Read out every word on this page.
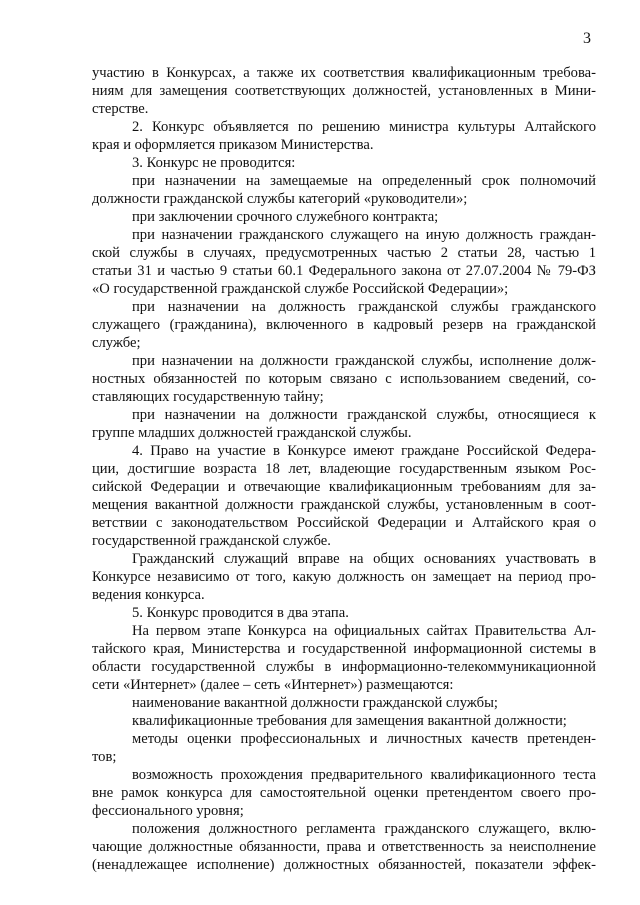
3
участию в Конкурсах, а также их соответствия квалификационным требова-
ниям для замещения соответствующих должностей, установленных в Мини-
стерстве.
2. Конкурс объявляется по решению министра культуры Алтайского
края и оформляется приказом Министерства.
3. Конкурс не проводится:
при назначении на замещаемые на определенный срок полномочий
должности гражданской службы категорий «руководители»;
при заключении срочного служебного контракта;
при назначении гражданского служащего на иную должность граждан-
ской службы в случаях, предусмотренных частью 2 статьи 28, частью 1
статьи 31 и частью 9 статьи 60.1 Федерального закона от 27.07.2004 № 79-ФЗ
«О государственной гражданской службе Российской Федерации»;
при назначении на должность гражданской службы гражданского
служащего (гражданина), включенного в кадровый резерв на гражданской
службе;
при назначении на должности гражданской службы, исполнение долж-
ностных обязанностей по которым связано с использованием сведений, со-
ставляющих государственную тайну;
при назначении на должности гражданской службы, относящиеся к
группе младших должностей гражданской службы.
4. Право на участие в Конкурсе имеют граждане Российской Федера-
ции, достигшие возраста 18 лет, владеющие государственным языком Рос-
сийской Федерации и отвечающие квалификационным требованиям для за-
мещения вакантной должности гражданской службы, установленным в соот-
ветствии с законодательством Российской Федерации и Алтайского края о
государственной гражданской службе.
Гражданский служащий вправе на общих основаниях участвовать в
Конкурсе независимо от того, какую должность он замещает на период про-
ведения конкурса.
5. Конкурс проводится в два этапа.
На первом этапе Конкурса на официальных сайтах Правительства Ал-
тайского края, Министерства и государственной информационной системы в
области государственной службы в информационно-телекоммуникационной
сети «Интернет» (далее – сеть «Интернет») размещаются:
наименование вакантной должности гражданской службы;
квалификационные требования для замещения вакантной должности;
методы оценки профессиональных и личностных качеств претенден-
тов;
возможность прохождения предварительного квалификационного теста
вне рамок конкурса для самостоятельной оценки претендентом своего про-
фессионального уровня;
положения должностного регламента гражданского служащего, вклю-
чающие должностные обязанности, права и ответственность за неисполнение
(ненадлежащее исполнение) должностных обязанностей, показатели эффек-
